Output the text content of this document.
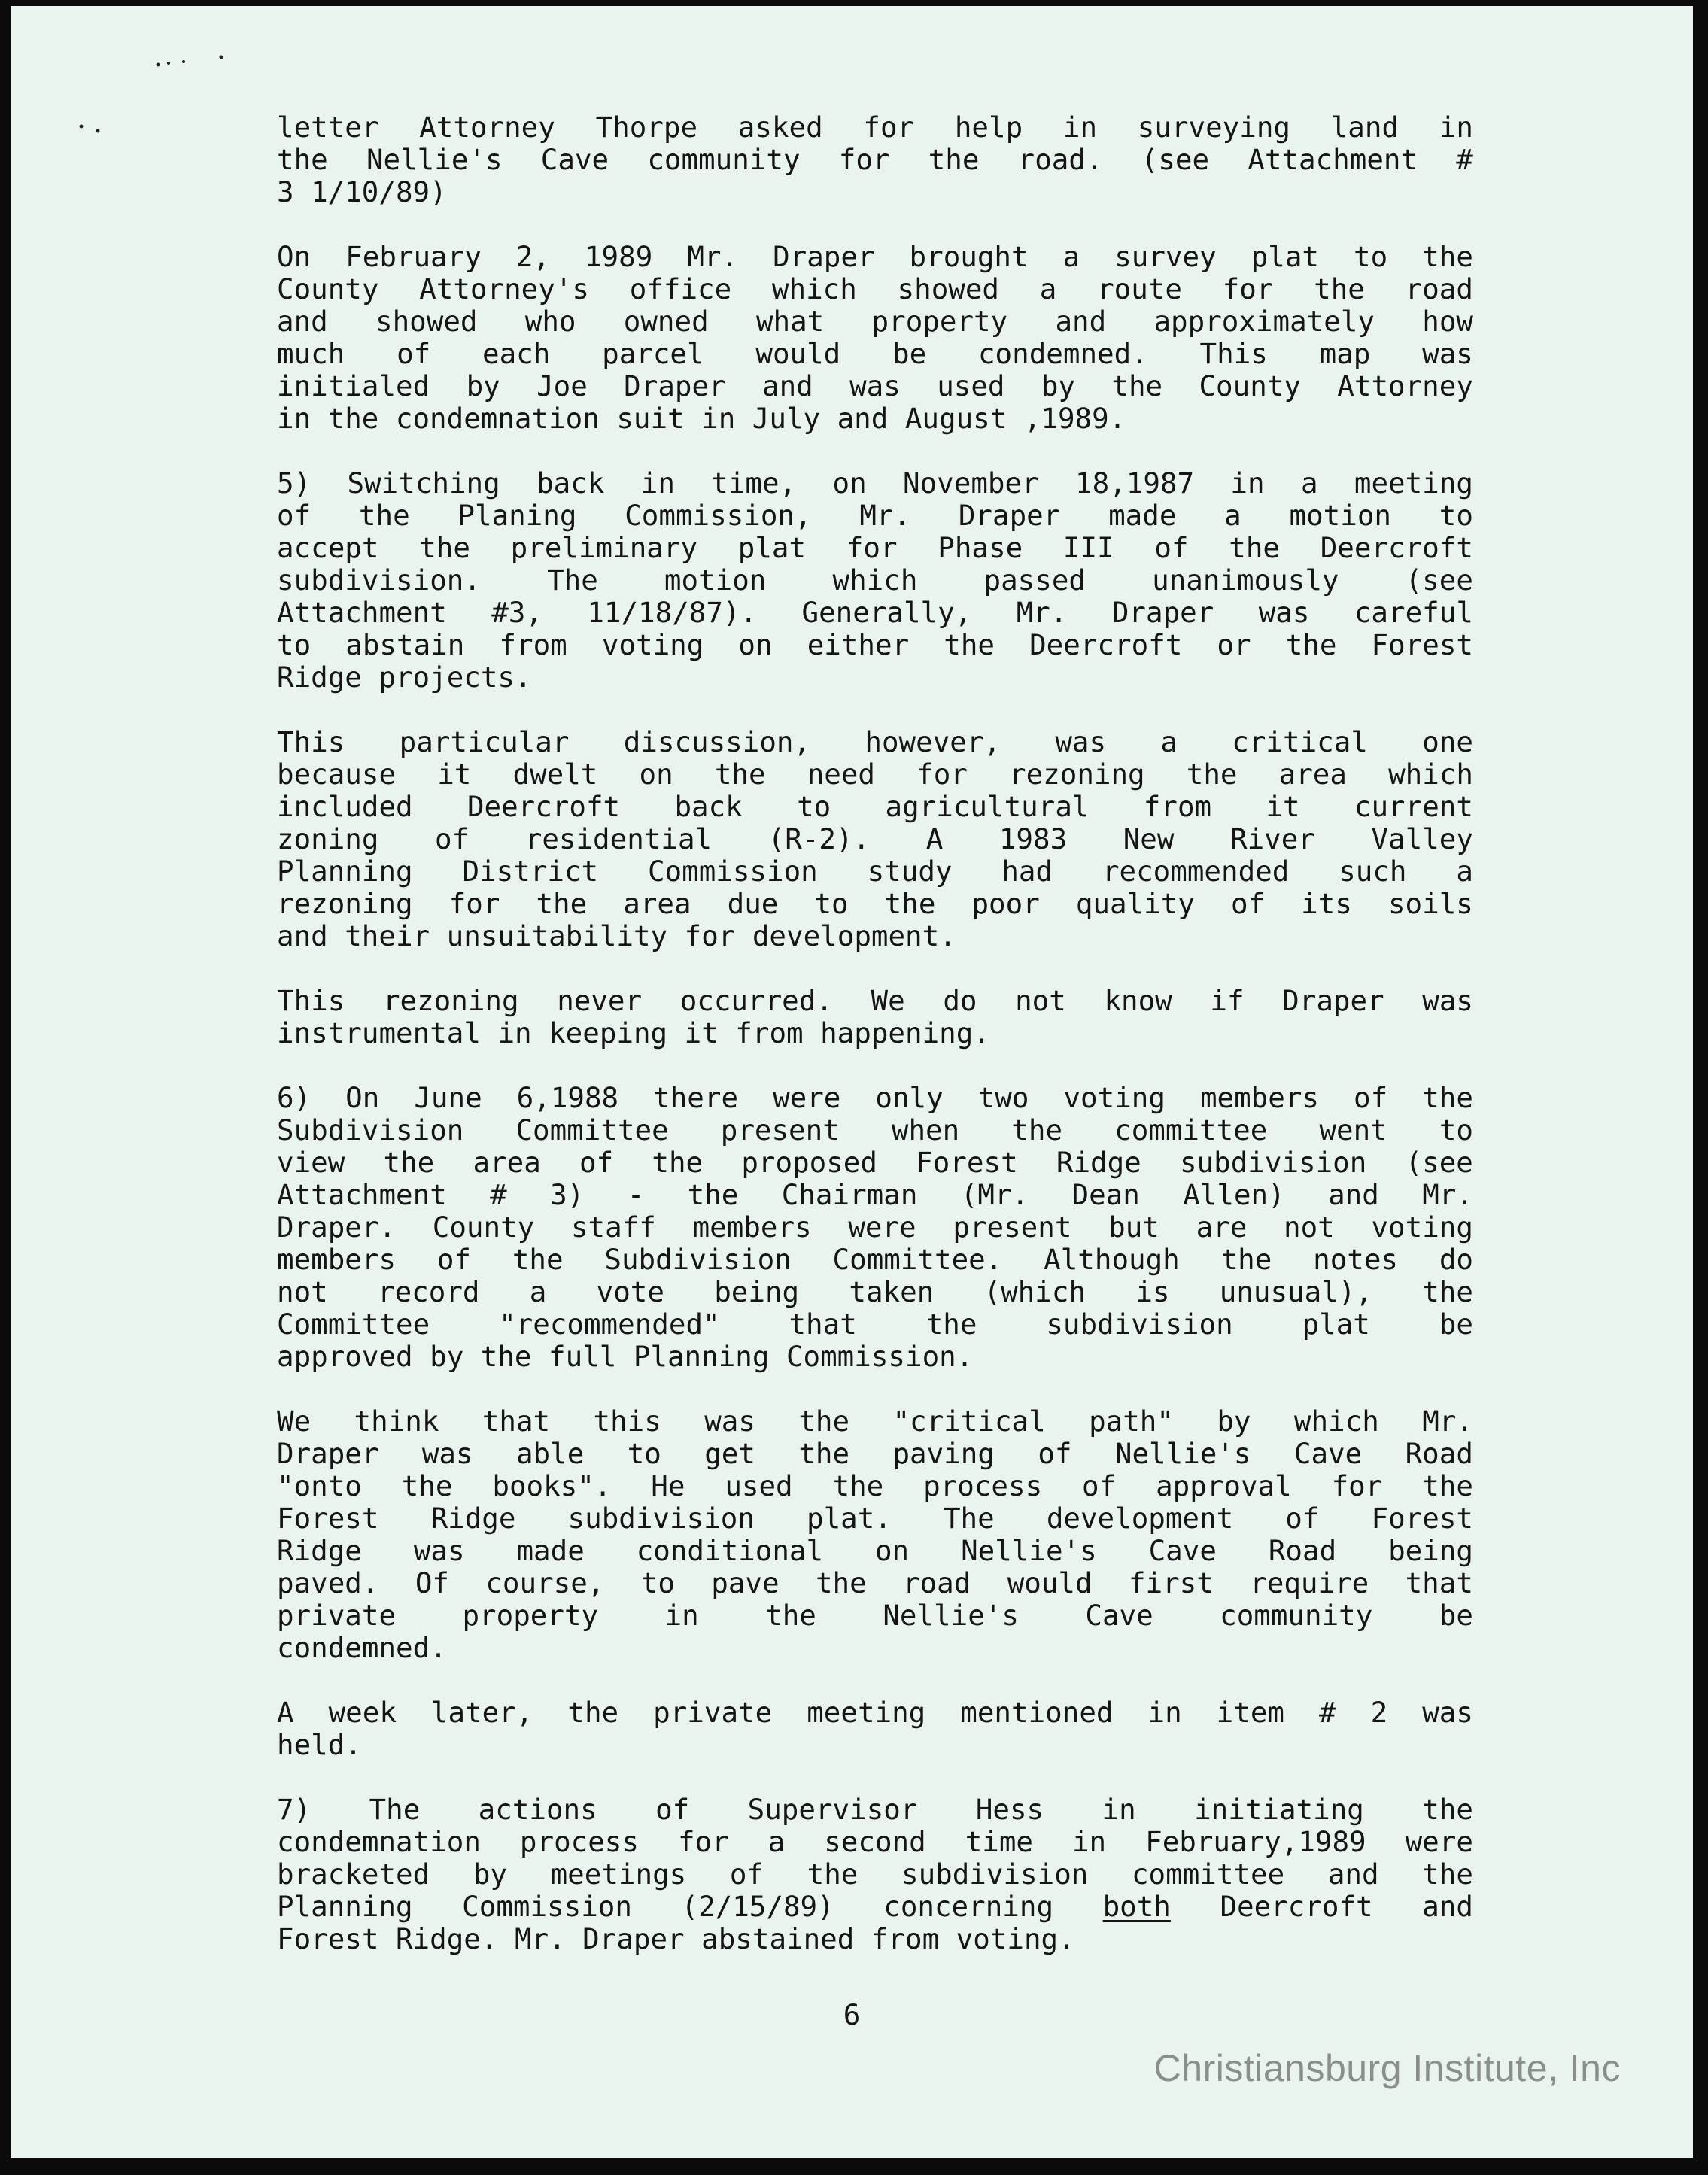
letter Attorney Thorpe asked for help in surveying land in
the Nellie's Cave community for the road. (see Attachment #
3 1/10/89)
On February 2, 1989 Mr. Draper brought a survey plat to the
County Attorney's office which showed a route for the road
and showed who owned what property and approximately how
much of each parcel would be condemned. This map was
initialed by Joe Draper and was used by the County Attorney
in the condemnation suit in July and August ,1989.
5) Switching back in time, on November 18,1987 in a meeting
of the Planing Commission, Mr. Draper made a motion to
accept the preliminary plat for Phase III of the Deercroft
subdivision. The motion which passed unanimously (see
Attachment #3, 11/18/87). Generally, Mr. Draper was careful
to abstain from voting on either the Deercroft or the Forest
Ridge projects.
This particular discussion, however, was a critical one
because it dwelt on the need for rezoning the area which
included Deercroft back to agricultural from it current
zoning of residential (R-2). A 1983 New River Valley
Planning District Commission study had recommended such a
rezoning for the area due to the poor quality of its soils
and their unsuitability for development.
This rezoning never occurred. We do not know if Draper was
instrumental in keeping it from happening.
6) On June 6,1988 there were only two voting members of the
Subdivision Committee present when the committee went to
view the area of the proposed Forest Ridge subdivision (see
Attachment # 3) - the Chairman (Mr. Dean Allen) and Mr.
Draper. County staff members were present but are not voting
members of the Subdivision Committee. Although the notes do
not record a vote being taken (which is unusual), the
Committee "recommended" that the subdivision plat be
approved by the full Planning Commission.
We think that this was the "critical path" by which Mr.
Draper was able to get the paving of Nellie's Cave Road
"onto the books". He used the process of approval for the
Forest Ridge subdivision plat. The development of Forest
Ridge was made conditional on Nellie's Cave Road being
paved. Of course, to pave the road would first require that
private property in the Nellie's Cave community be
condemned.
A week later, the private meeting mentioned in item # 2 was
held.
7) The actions of Supervisor Hess in initiating the
condemnation process for a second time in February,1989 were
bracketed by meetings of the subdivision committee and the
Planning Commission (2/15/89) concerning both Deercroft and
Forest Ridge. Mr. Draper abstained from voting.
6
Christiansburg Institute, Inc
